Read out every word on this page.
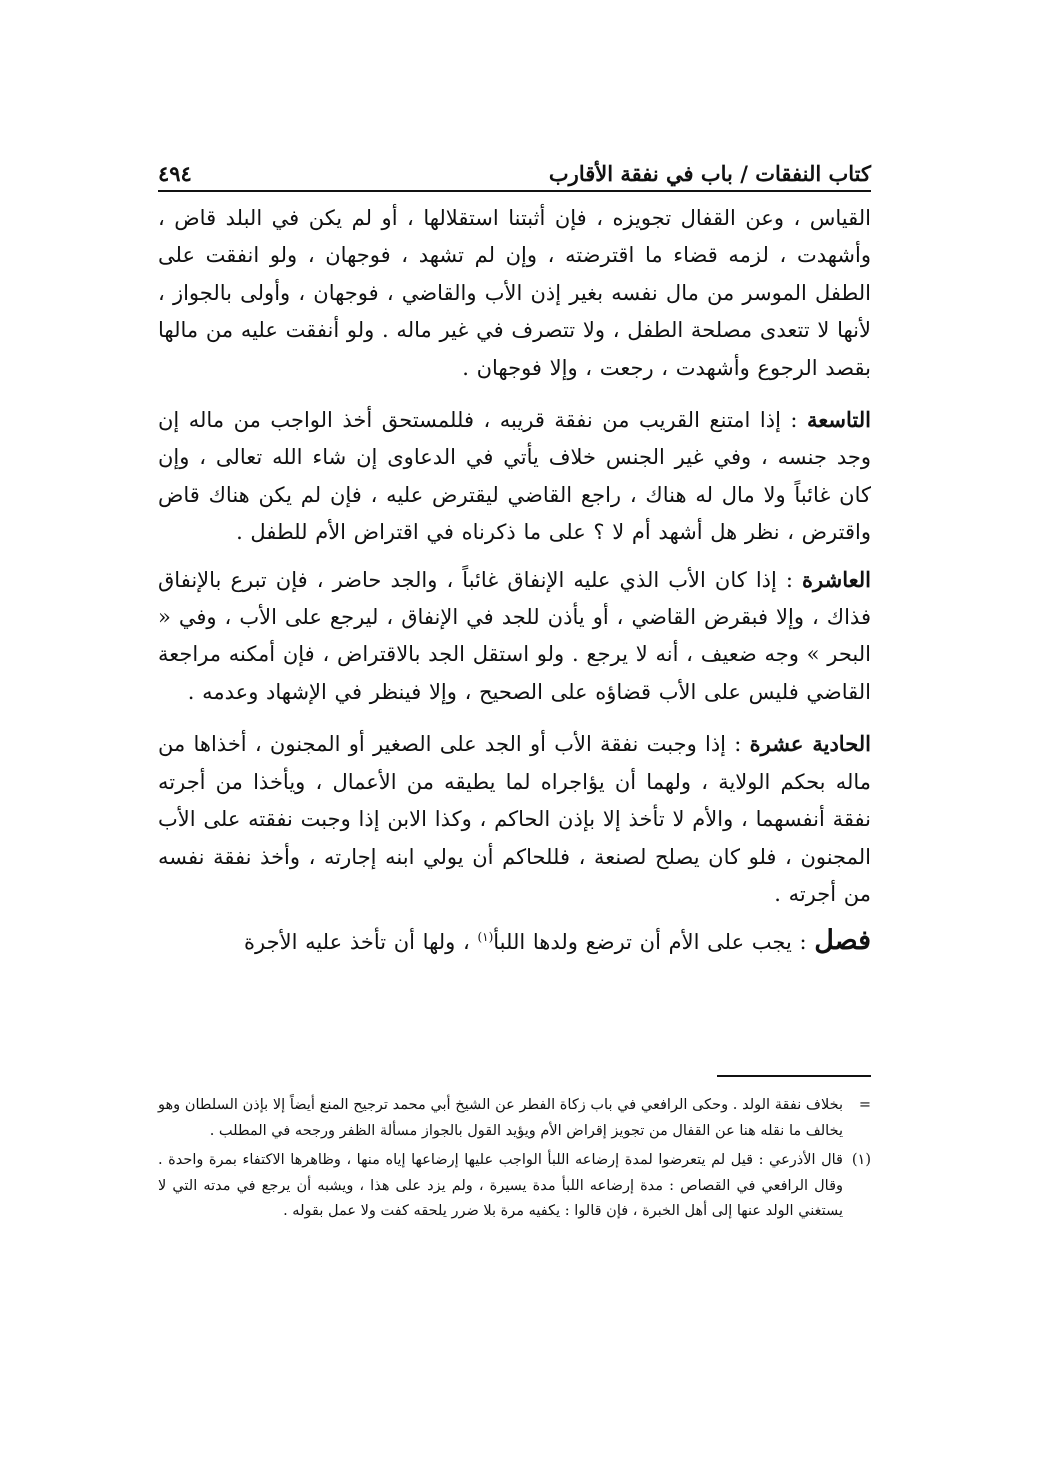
كتاب النفقات / باب في نفقة الأقارب
٤٩٤

القياس ، وعن القفال تجويزه ، فإن أثبتنا استقلالها ، أو لم يكن في البلد قاض ، وأشهدت ، لزمه قضاء ما اقترضته ، وإن لم تشهد ، فوجهان ، ولو انفقت على الطفل الموسر من مال نفسه بغير إذن الأب والقاضي ، فوجهان ، وأولى بالجواز ، لأنها لا تتعدى مصلحة الطفل ، ولا تتصرف في غير ماله . ولو أنفقت عليه من مالها بقصد الرجوع وأشهدت ، رجعت ، وإلا فوجهان .

التاسعة : إذا امتنع القريب من نفقة قريبه ، فللمستحق أخذ الواجب من ماله إن وجد جنسه ، وفي غير الجنس خلاف يأتي في الدعاوى إن شاء الله تعالى ، وإن كان غائباً ولا مال له هناك ، راجع القاضي ليقترض عليه ، فإن لم يكن هناك قاض واقترض ، نظر هل أشهد أم لا ؟ على ما ذكرناه في اقتراض الأم للطفل .

العاشرة : إذا كان الأب الذي عليه الإنفاق غائباً ، والجد حاضر ، فإن تبرع بالإنفاق فذاك ، وإلا فبقرض القاضي ، أو يأذن للجد في الإنفاق ، ليرجع على الأب ، وفي « البحر » وجه ضعيف ، أنه لا يرجع . ولو استقل الجد بالاقتراض ، فإن أمكنه مراجعة القاضي فليس على الأب قضاؤه على الصحيح ، وإلا فينظر في الإشهاد وعدمه .

الحادية عشرة : إذا وجبت نفقة الأب أو الجد على الصغير أو المجنون ، أخذاها من ماله بحكم الولاية ، ولهما أن يؤاجراه لما يطيقه من الأعمال ، ويأخذا من أجرته نفقة أنفسهما ، والأم لا تأخذ إلا بإذن الحاكم ، وكذا الابن إذا وجبت نفقته على الأب المجنون ، فلو كان يصلح لصنعة ، فللحاكم أن يولي ابنه إجارته ، وأخذ نفقة نفسه من أجرته .

فصل : يجب على الأم أن ترضع ولدها اللبأ$^{(١)}$ ، ولها أن تأخذ عليه الأجرة

=
بخلاف نفقة الولد . وحكى الرافعي في باب زكاة الفطر عن الشيخ أبي محمد ترجيح المنع أيضاً إلا بإذن السلطان وهو يخالف ما نقله هنا عن القفال من تجويز إقراض الأم ويؤيد القول بالجواز مسألة الظفر ورجحه في المطلب .
(١)
قال الأذرعي : قيل لم يتعرضوا لمدة إرضاعه اللبأ الواجب عليها إرضاعها إياه منها ، وظاهرها الاكتفاء بمرة واحدة . وقال الرافعي في القصاص : مدة إرضاعه اللبأ مدة يسيرة ، ولم يزد على هذا ، ويشبه أن يرجع في مدته التي لا يستغني الولد عنها إلى أهل الخبرة ، فإن قالوا : يكفيه مرة بلا ضرر يلحقه كفت ولا عمل بقوله .
